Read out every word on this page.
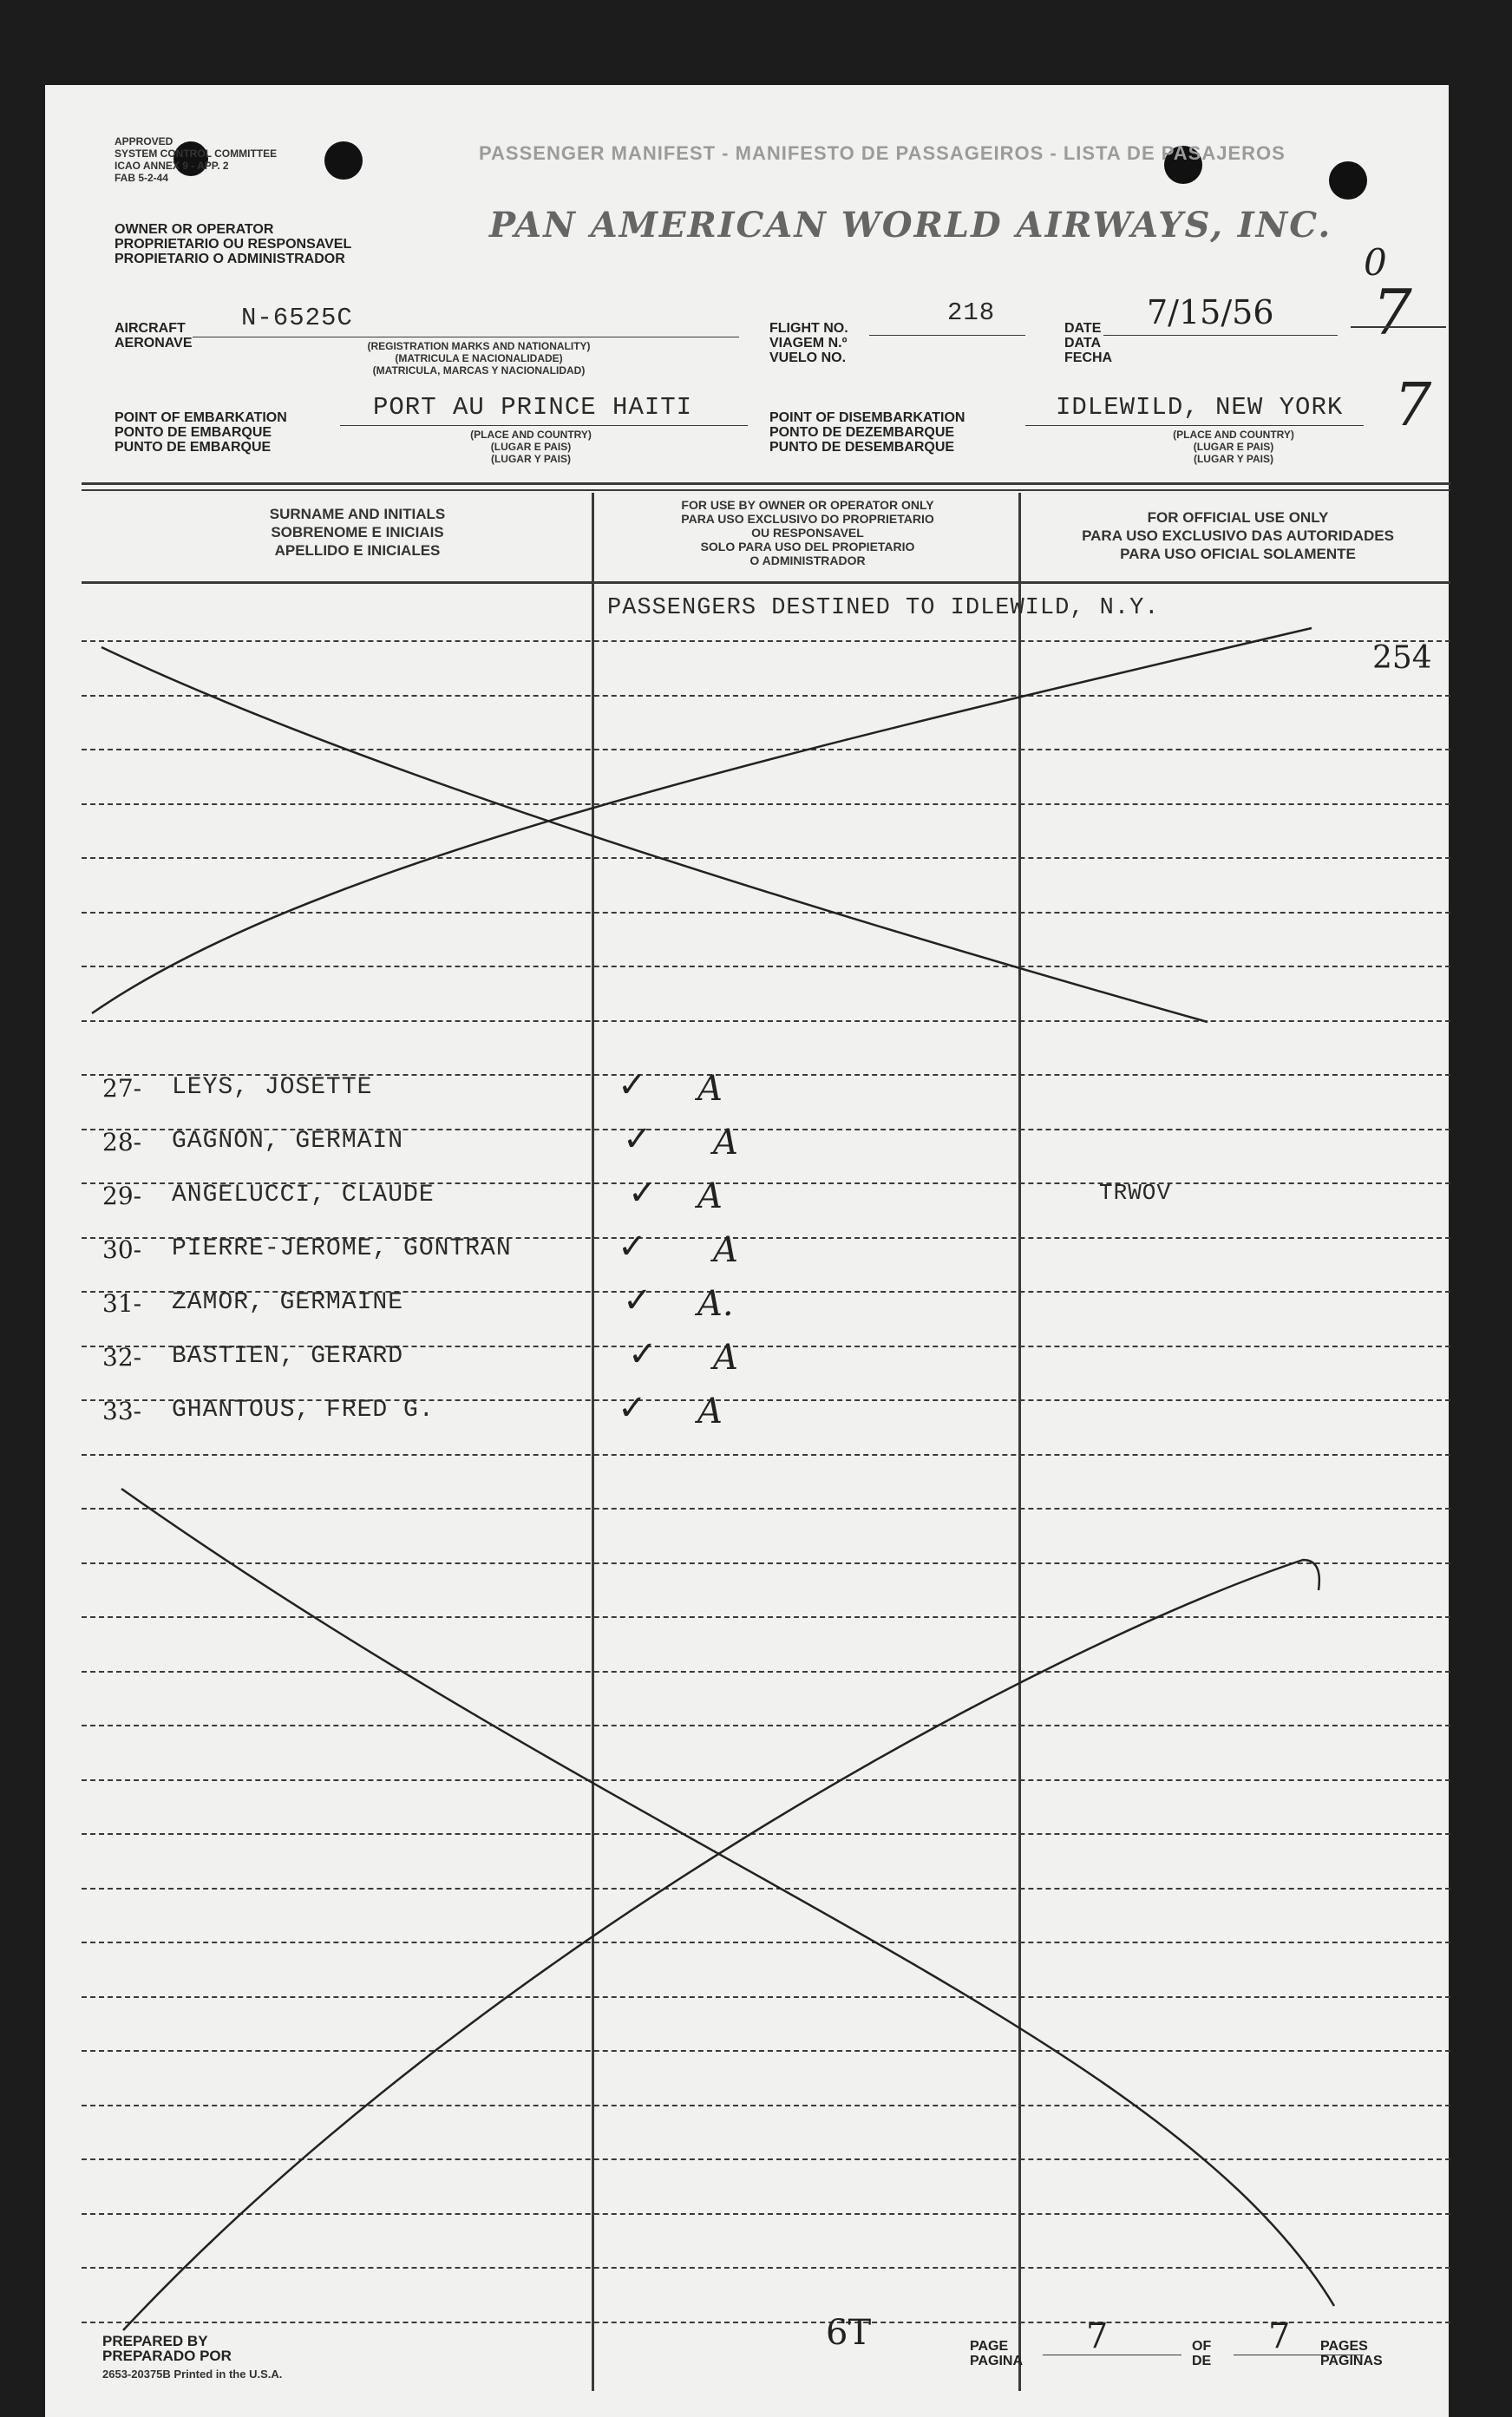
APPROVED
SYSTEM CONTROL COMMITTEE
ICAO ANNEX 9 - APP. 2
FAB 5-2-44
PASSENGER MANIFEST - MANIFESTO DE PASSAGEIROS - LISTA DE PASAJEROS
OWNER OR OPERATOR
PROPRIETARIO OU RESPONSAVEL
PROPIETARIO O ADMINISTRADOR
PAN AMERICAN WORLD AIRWAYS, INC.
0
7
7
AIRCRAFT
AERONAVE
N-6525C
(REGISTRATION MARKS AND NATIONALITY)
(MATRICULA E NACIONALIDADE)
(MATRICULA, MARCAS Y NACIONALIDAD)
FLIGHT NO.
VIAGEM N.º
VUELO NO.
218
DATE
DATA
FECHA
7/15/56
POINT OF EMBARKATION
PONTO DE EMBARQUE
PUNTO DE EMBARQUE
PORT AU PRINCE HAITI
(PLACE AND COUNTRY)
(LUGAR E PAIS)
(LUGAR Y PAIS)
POINT OF DISEMBARKATION
PONTO DE DEZEMBARQUE
PUNTO DE DESEMBARQUE
IDLEWILD, NEW YORK
(PLACE AND COUNTRY)
(LUGAR E PAIS)
(LUGAR Y PAIS)
SURNAME AND INITIALS
SOBRENOME E INICIAIS
APELLIDO E INICIALES
FOR USE BY OWNER OR OPERATOR ONLY
PARA USO EXCLUSIVO DO PROPRIETARIO
OU RESPONSAVEL
SOLO PARA USO DEL PROPIETARIO
O ADMINISTRADOR
FOR OFFICIAL USE ONLY
PARA USO EXCLUSIVO DAS AUTORIDADES
PARA USO OFICIAL SOLAMENTE
PASSENGERS DESTINED TO IDLEWILD, N.Y.
254
27- LEYS, JOSETTE	✓ A
28- GAGNON, GERMAIN	✓ A
29- ANGELUCCI, CLAUDE	✓ A	TRWOV
30- PIERRE-JEROME, GONTRAN	✓ A
31- ZAMOR, GERMAINE	✓ A.
32- BASTIEN, GERARD	✓ A
33- GHANTOUS, FRED G.	✓ A
PREPARED BY
PREPARADO POR
2653-20375B Printed in the U.S.A.
6T	PAGE
PAGINA
7	OF
DE
7 PAGES
PAGINAS
